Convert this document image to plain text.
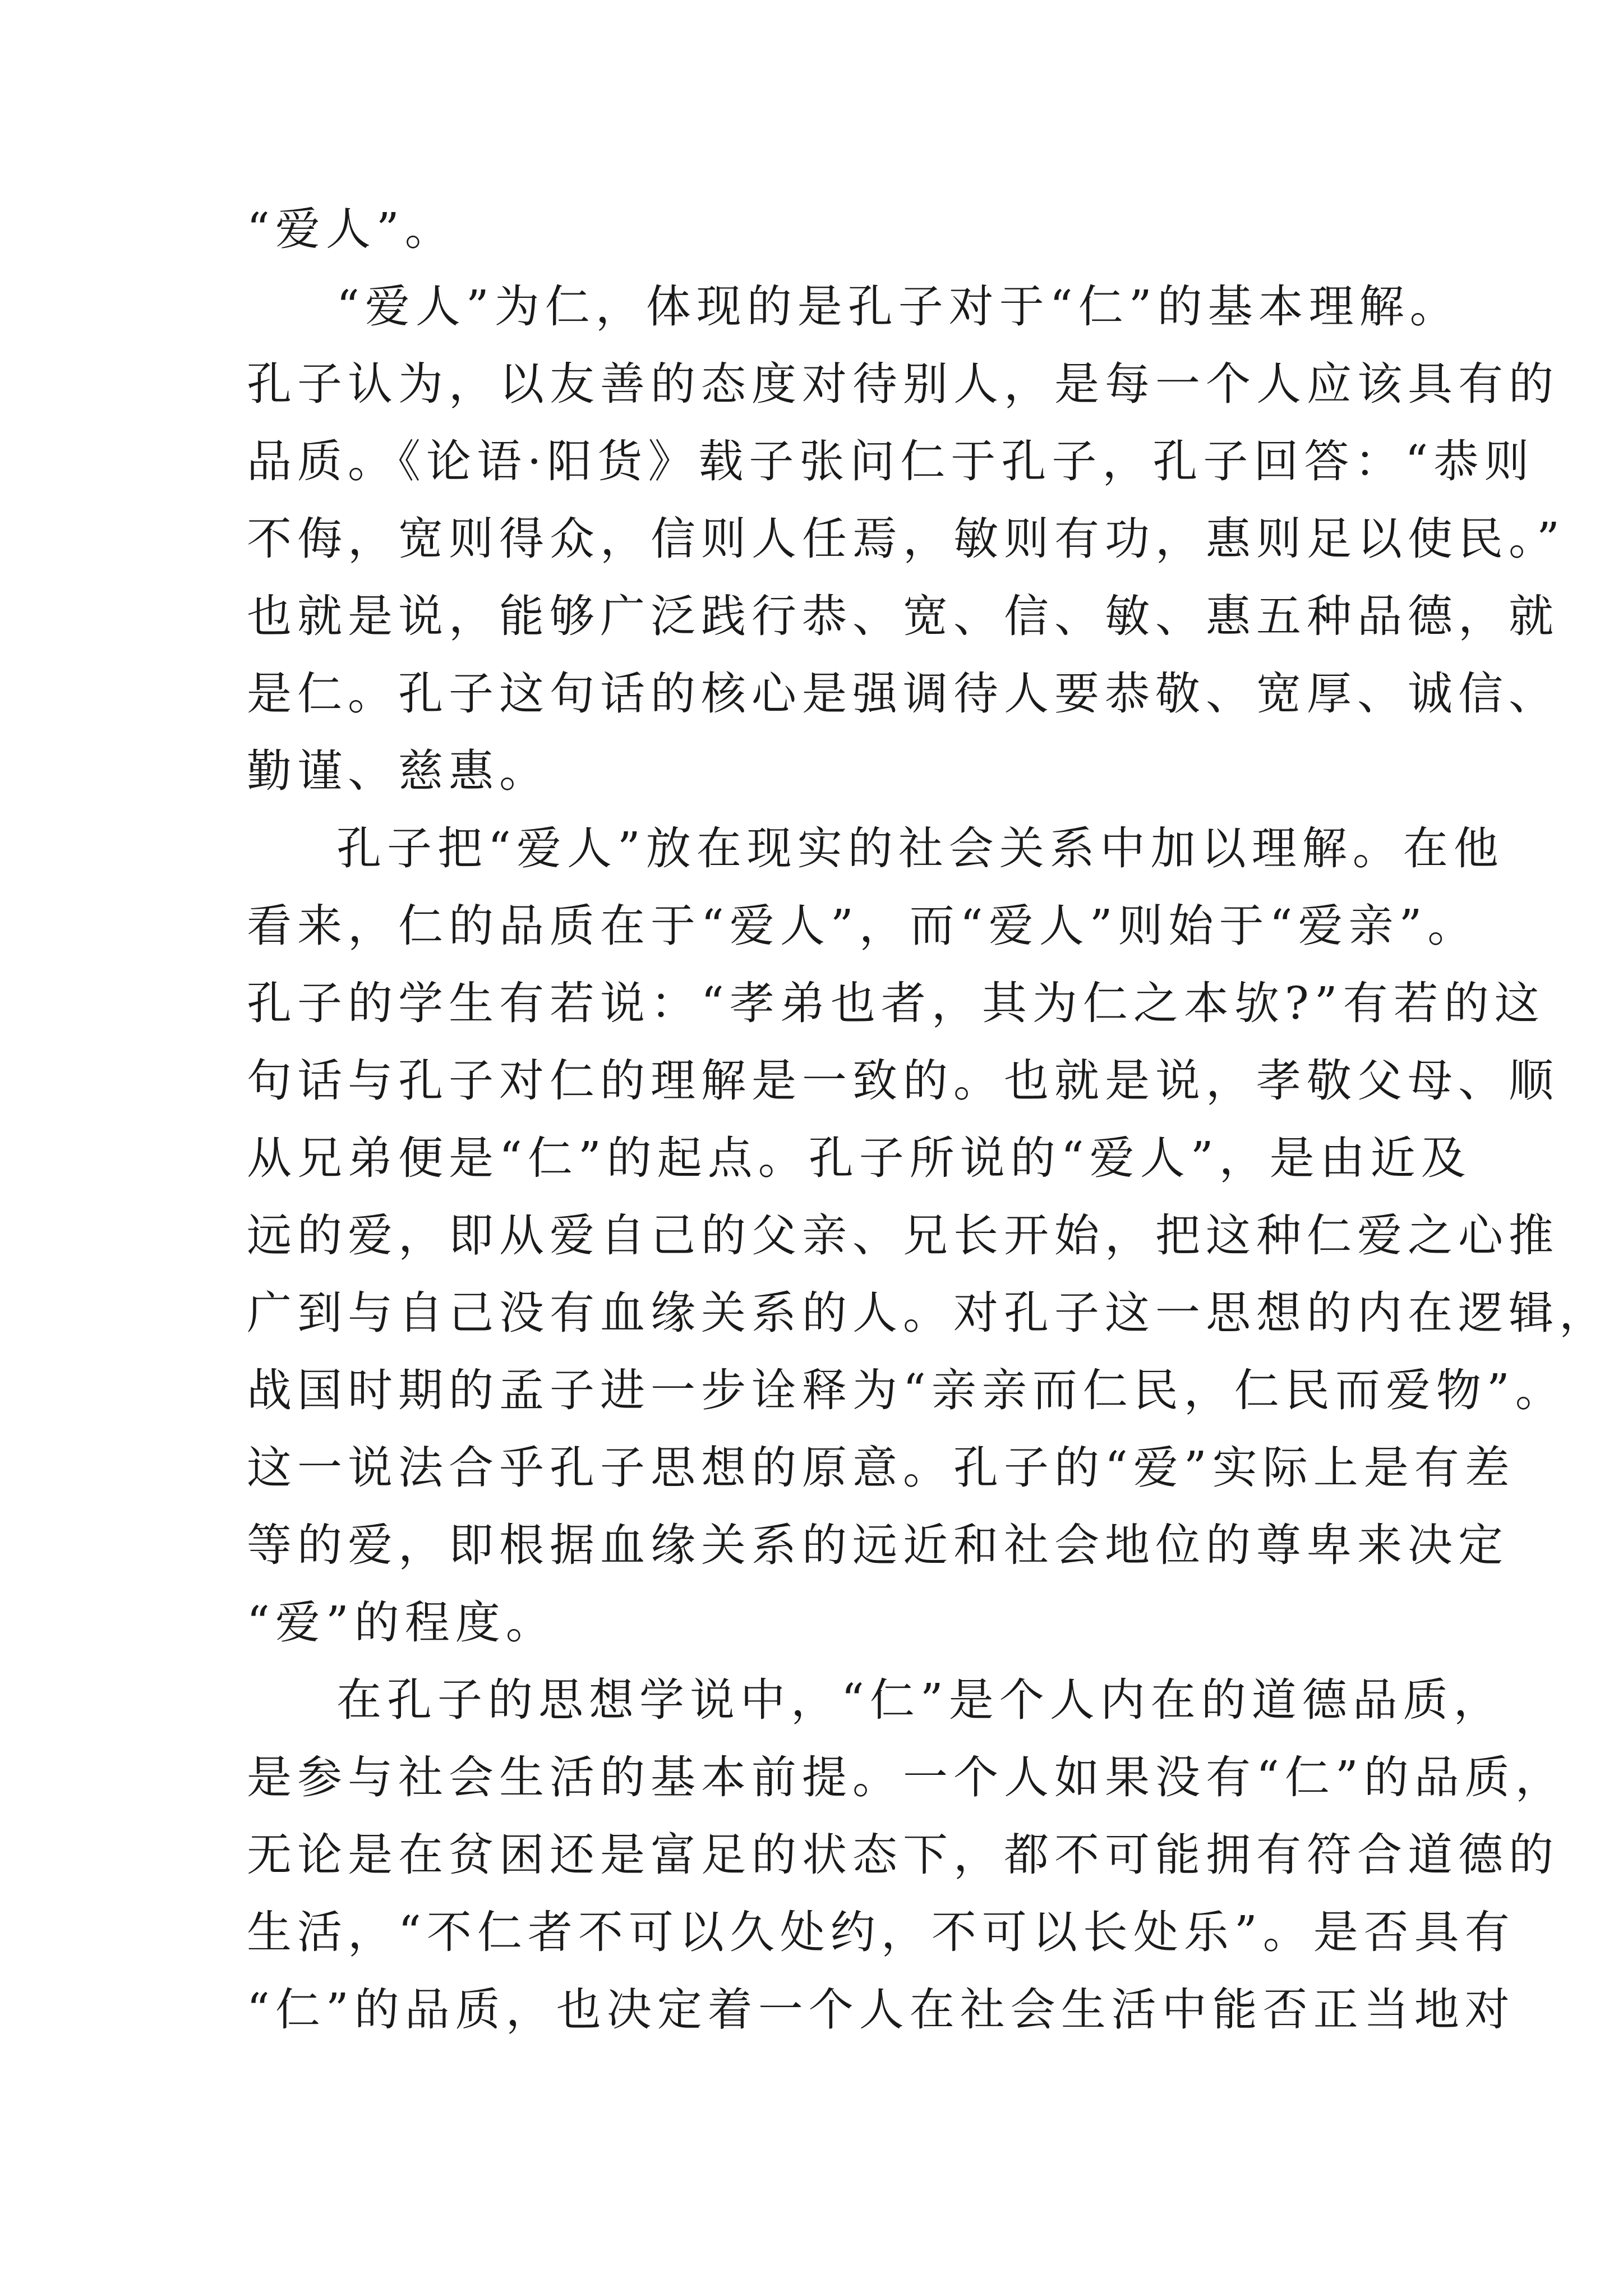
“爱人”。
“爱人”为仁，体现的是孔子对于“仁”的基本理解。
孔子认为，以友善的态度对待别人，是每一个人应该具有的
品质。《论语·阳货》载子张问仁于孔子，孔子回答：“恭则
不侮，宽则得众，信则人任焉，敏则有功，惠则足以使民。”
也就是说，能够广泛践行恭、宽、信、敏、惠五种品德，就
是仁。孔子这句话的核心是强调待人要恭敬、宽厚、诚信、
勤谨、慈惠。
孔子把“爱人”放在现实的社会关系中加以理解。在他
看来，仁的品质在于“爱人”，而“爱人”则始于“爱亲”。
孔子的学生有若说：“孝弟也者，其为仁之本欤?”有若的这
句话与孔子对仁的理解是一致的。也就是说，孝敬父母、顺
从兄弟便是“仁”的起点。孔子所说的“爱人”，是由近及
远的爱，即从爱自己的父亲、兄长开始，把这种仁爱之心推
广到与自己没有血缘关系的人。对孔子这一思想的内在逻辑，
战国时期的孟子进一步诠释为“亲亲而仁民，仁民而爱物”。
这一说法合乎孔子思想的原意。孔子的“爱”实际上是有差
等的爱，即根据血缘关系的远近和社会地位的尊卑来决定
“爱”的程度。
在孔子的思想学说中，“仁”是个人内在的道德品质，
是参与社会生活的基本前提。一个人如果没有“仁”的品质，
无论是在贫困还是富足的状态下，都不可能拥有符合道德的
生活，“不仁者不可以久处约，不可以长处乐”。是否具有
“仁”的品质，也决定着一个人在社会生活中能否正当地对
